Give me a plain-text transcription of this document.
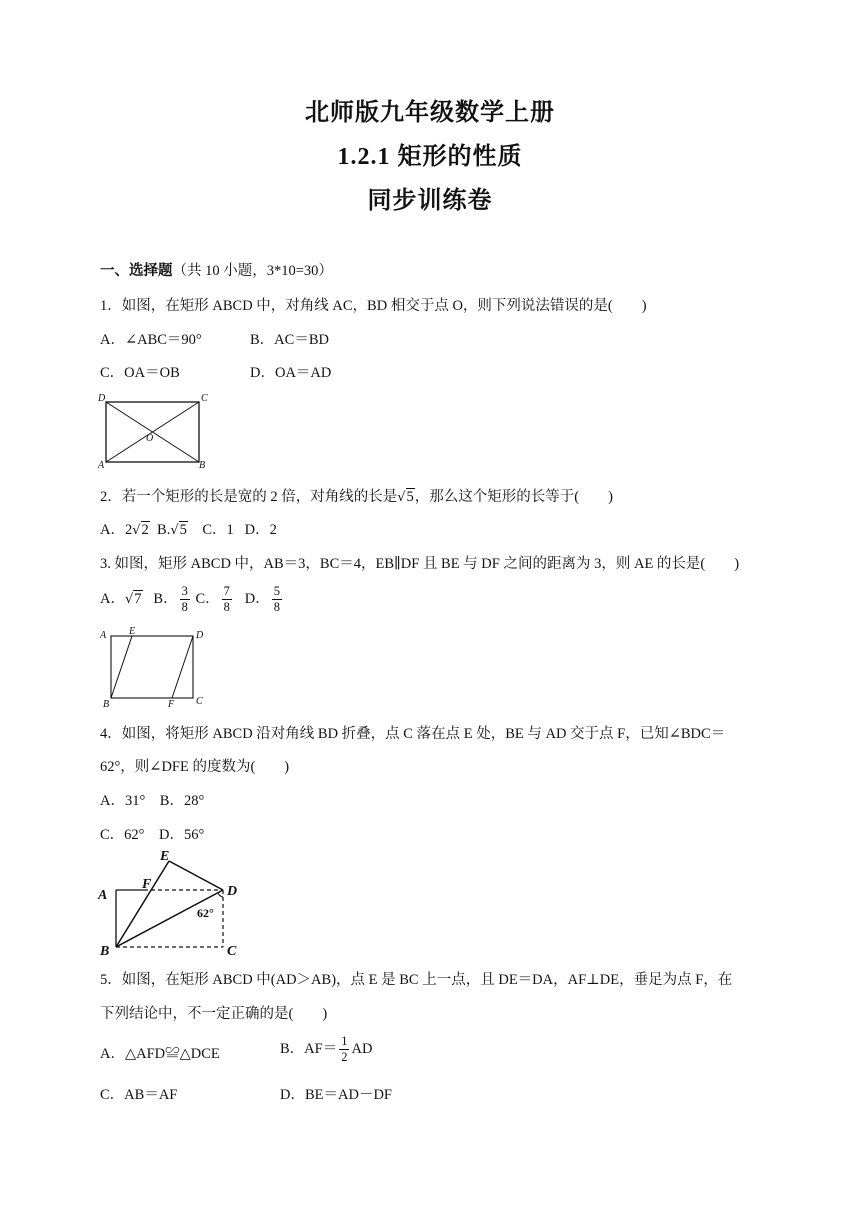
北师版九年级数学上册
1.2.1 矩形的性质
同步训练卷
一、选择题（共 10 小题，3*10=30）
1．如图，在矩形 ABCD 中，对角线 AC，BD 相交于点 O，则下列说法错误的是(　　)
A．∠ABC＝90°	B．AC＝BD
C．OA＝OB	D．OA＝AD
D	C
O
A	B
2．若一个矩形的长是宽的 2 倍，对角线的长是√5，那么这个矩形的长等于(　　)
A．2√2 B.√5 C．1 D．2
3. 如图，矩形 ABCD 中，AB＝3，BC＝4，EB∥DF 且 BE 与 DF 之间的距离为 3，则 AE 的长是(　　)
A．√7 B． $\frac{3}{8}$ C． $\frac{7}{8}$ D． $\frac{5}{8}$
A E	D
B	F C
4．如图，将矩形 ABCD 沿对角线 BD 折叠，点 C 落在点 E 处，BE 与 AD 交于点 F，已知∠BDC＝
62°，则∠DFE 的度数为(　　)
A．31° B．28°
C．62° D．56°
E
F
A	D
B	C
62°
5．如图，在矩形 ABCD 中(AD＞AB)，点 E 是 BC 上一点，且 DE＝DA，AF⊥DE，垂足为点 F，在
下列结论中，不一定正确的是(　　)
A．△AFD≌△DCE	B．$AF= \frac{1}{2}$ AD
C．AB＝AF	D．BE＝AD－DF
